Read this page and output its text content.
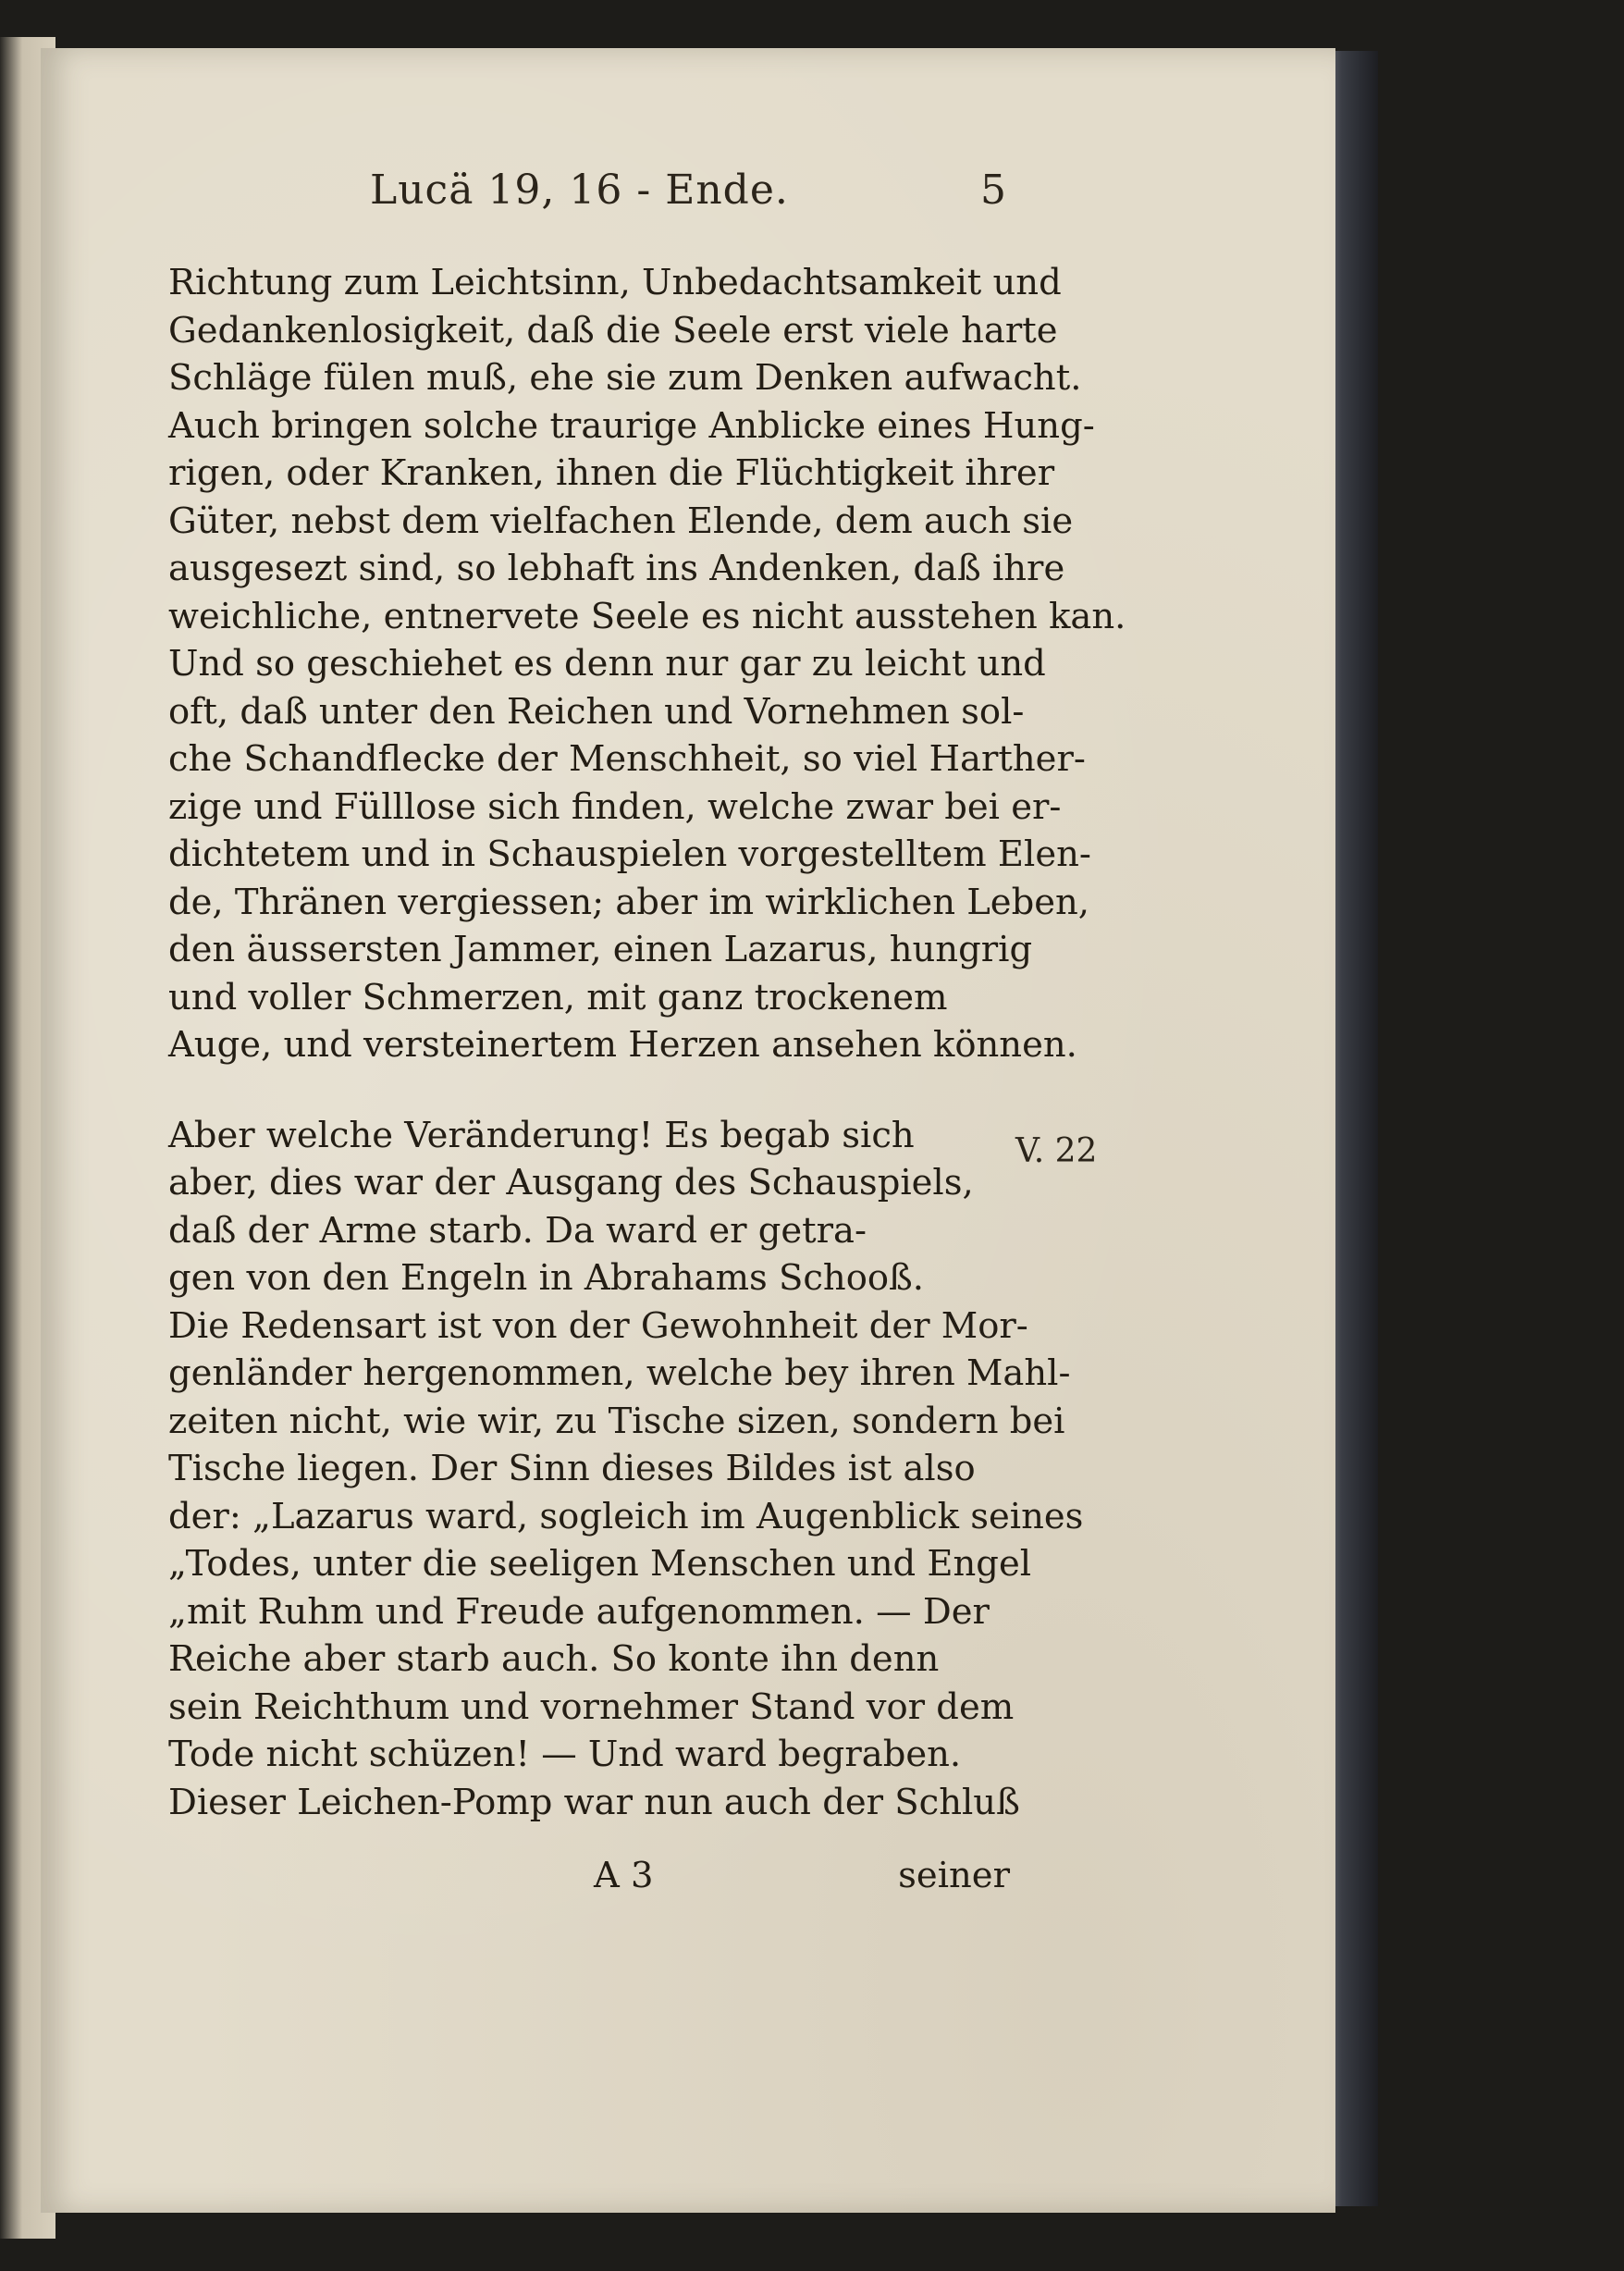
Lucä 19, 16 - Ende.	5
Richtung zum Leichtsinn, Unbedachtsamkeit und
Gedankenlosigkeit, daß die Seele erst viele harte
Schläge fülen muß, ehe sie zum Denken aufwacht.
Auch bringen solche traurige Anblicke eines Hung-
rigen, oder Kranken, ihnen die Flüchtigkeit ihrer
Güter, nebst dem vielfachen Elende, dem auch sie
ausgesezt sind, so lebhaft ins Andenken, daß ihre
weichliche, entnervete Seele es nicht ausstehen kan.
Und so geschiehet es denn nur gar zu leicht und
oft, daß unter den Reichen und Vornehmen sol-
che Schandflecke der Menschheit, so viel Harther-
zige und Fülllose sich finden, welche zwar bei er-
dichtetem und in Schauspielen vorgestelltem Elen-
de, Thränen vergiessen; aber im wirklichen Leben,
den äussersten Jammer, einen Lazarus, hungrig
und voller Schmerzen, mit ganz trockenem
Auge, und versteinertem Herzen ansehen können.
Aber welche Veränderung! Es begab sich
aber, dies war der Ausgang des Schauspiels,
daß der Arme starb. Da ward er getra-
gen von den Engeln in Abrahams Schooß.
Die Redensart ist von der Gewohnheit der Mor-
genländer hergenommen, welche bey ihren Mahl-
zeiten nicht, wie wir, zu Tische sizen, sondern bei
Tische liegen. Der Sinn dieses Bildes ist also
der: „Lazarus ward, sogleich im Augenblick seines
„Todes, unter die seeligen Menschen und Engel
„mit Ruhm und Freude aufgenommen. — Der
Reiche aber starb auch. So konte ihn denn
sein Reichthum und vornehmer Stand vor dem
Tode nicht schüzen! — Und ward begraben.
Dieser Leichen-Pomp war nun auch der Schluß
V. 22
A 3	seiner
